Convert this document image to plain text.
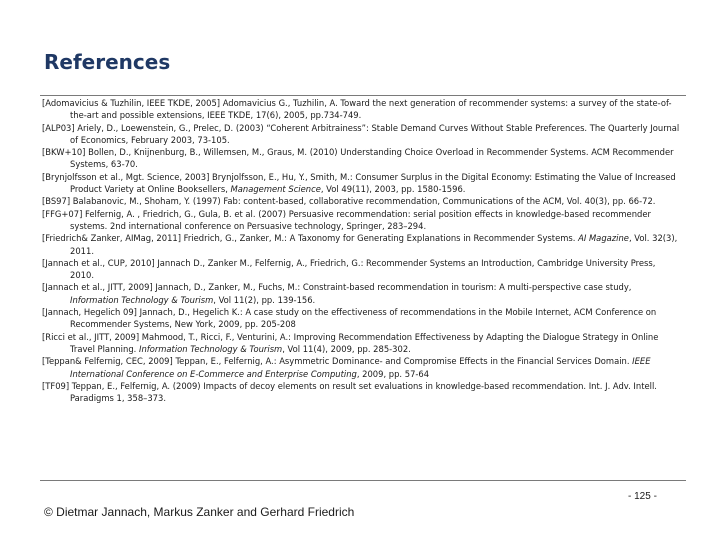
References
[Adomavicius & Tuzhilin, IEEE TKDE, 2005] Adomavicius G., Tuzhilin, A. Toward the next generation of recommender systems: a survey of the state-of-the-art and possible extensions, IEEE TKDE, 17(6), 2005, pp.734-749.
[ALP03] Ariely, D., Loewenstein, G., Prelec, D. (2003) “Coherent Arbitrainess”: Stable Demand Curves Without Stable Preferences. The Quarterly Journal of Economics, February 2003, 73-105.
[BKW+10] Bollen, D., Knijnenburg, B., Willemsen, M., Graus, M. (2010) Understanding Choice Overload in Recommender Systems. ACM Recommender Systems, 63-70.
[Brynjolfsson et al., Mgt. Science, 2003] Brynjolfsson, E., Hu, Y., Smith, M.: Consumer Surplus in the Digital Economy: Estimating the Value of Increased Product Variety at Online Booksellers, Management Science, Vol 49(11), 2003, pp. 1580-1596.
[BS97] Balabanovic, M., Shoham, Y. (1997) Fab: content-based, collaborative recommendation, Communications of the ACM, Vol. 40(3), pp. 66-72.
[FFG+07] Felfernig, A. , Friedrich, G., Gula, B. et al. (2007) Persuasive recommendation: serial position effects in knowledge-based recommender systems. 2nd international conference on Persuasive technology, Springer, 283–294.
[Friedrich& Zanker, AIMag, 2011] Friedrich, G., Zanker, M.: A Taxonomy for Generating Explanations in Recommender Systems. AI Magazine, Vol. 32(3), 2011.
[Jannach et al., CUP, 2010] Jannach D., Zanker M., Felfernig, A., Friedrich, G.: Recommender Systems an Introduction, Cambridge University Press, 2010.
[Jannach et al., JITT, 2009] Jannach, D., Zanker, M., Fuchs, M.: Constraint-based recommendation in tourism: A multi-perspective case study, Information Technology & Tourism, Vol 11(2), pp. 139-156.
[Jannach, Hegelich 09] Jannach, D., Hegelich K.: A case study on the effectiveness of recommendations in the Mobile Internet, ACM Conference on Recommender Systems, New York, 2009, pp. 205-208
[Ricci et al., JITT, 2009] Mahmood, T., Ricci, F., Venturini, A.: Improving Recommendation Effectiveness by Adapting the Dialogue Strategy in Online Travel Planning. Information Technology & Tourism, Vol 11(4), 2009, pp. 285-302.
[Teppan& Felfernig, CEC, 2009] Teppan, E., Felfernig, A.: Asymmetric Dominance- and Compromise Effects in the Financial Services Domain. IEEE International Conference on E-Commerce and Enterprise Computing, 2009, pp. 57-64
[TF09] Teppan, E., Felfernig, A. (2009) Impacts of decoy elements on result set evaluations in knowledge-based recommendation. Int. J. Adv. Intell. Paradigms 1, 358–373.
© Dietmar Jannach, Markus Zanker and Gerhard Friedrich
- 125 -
